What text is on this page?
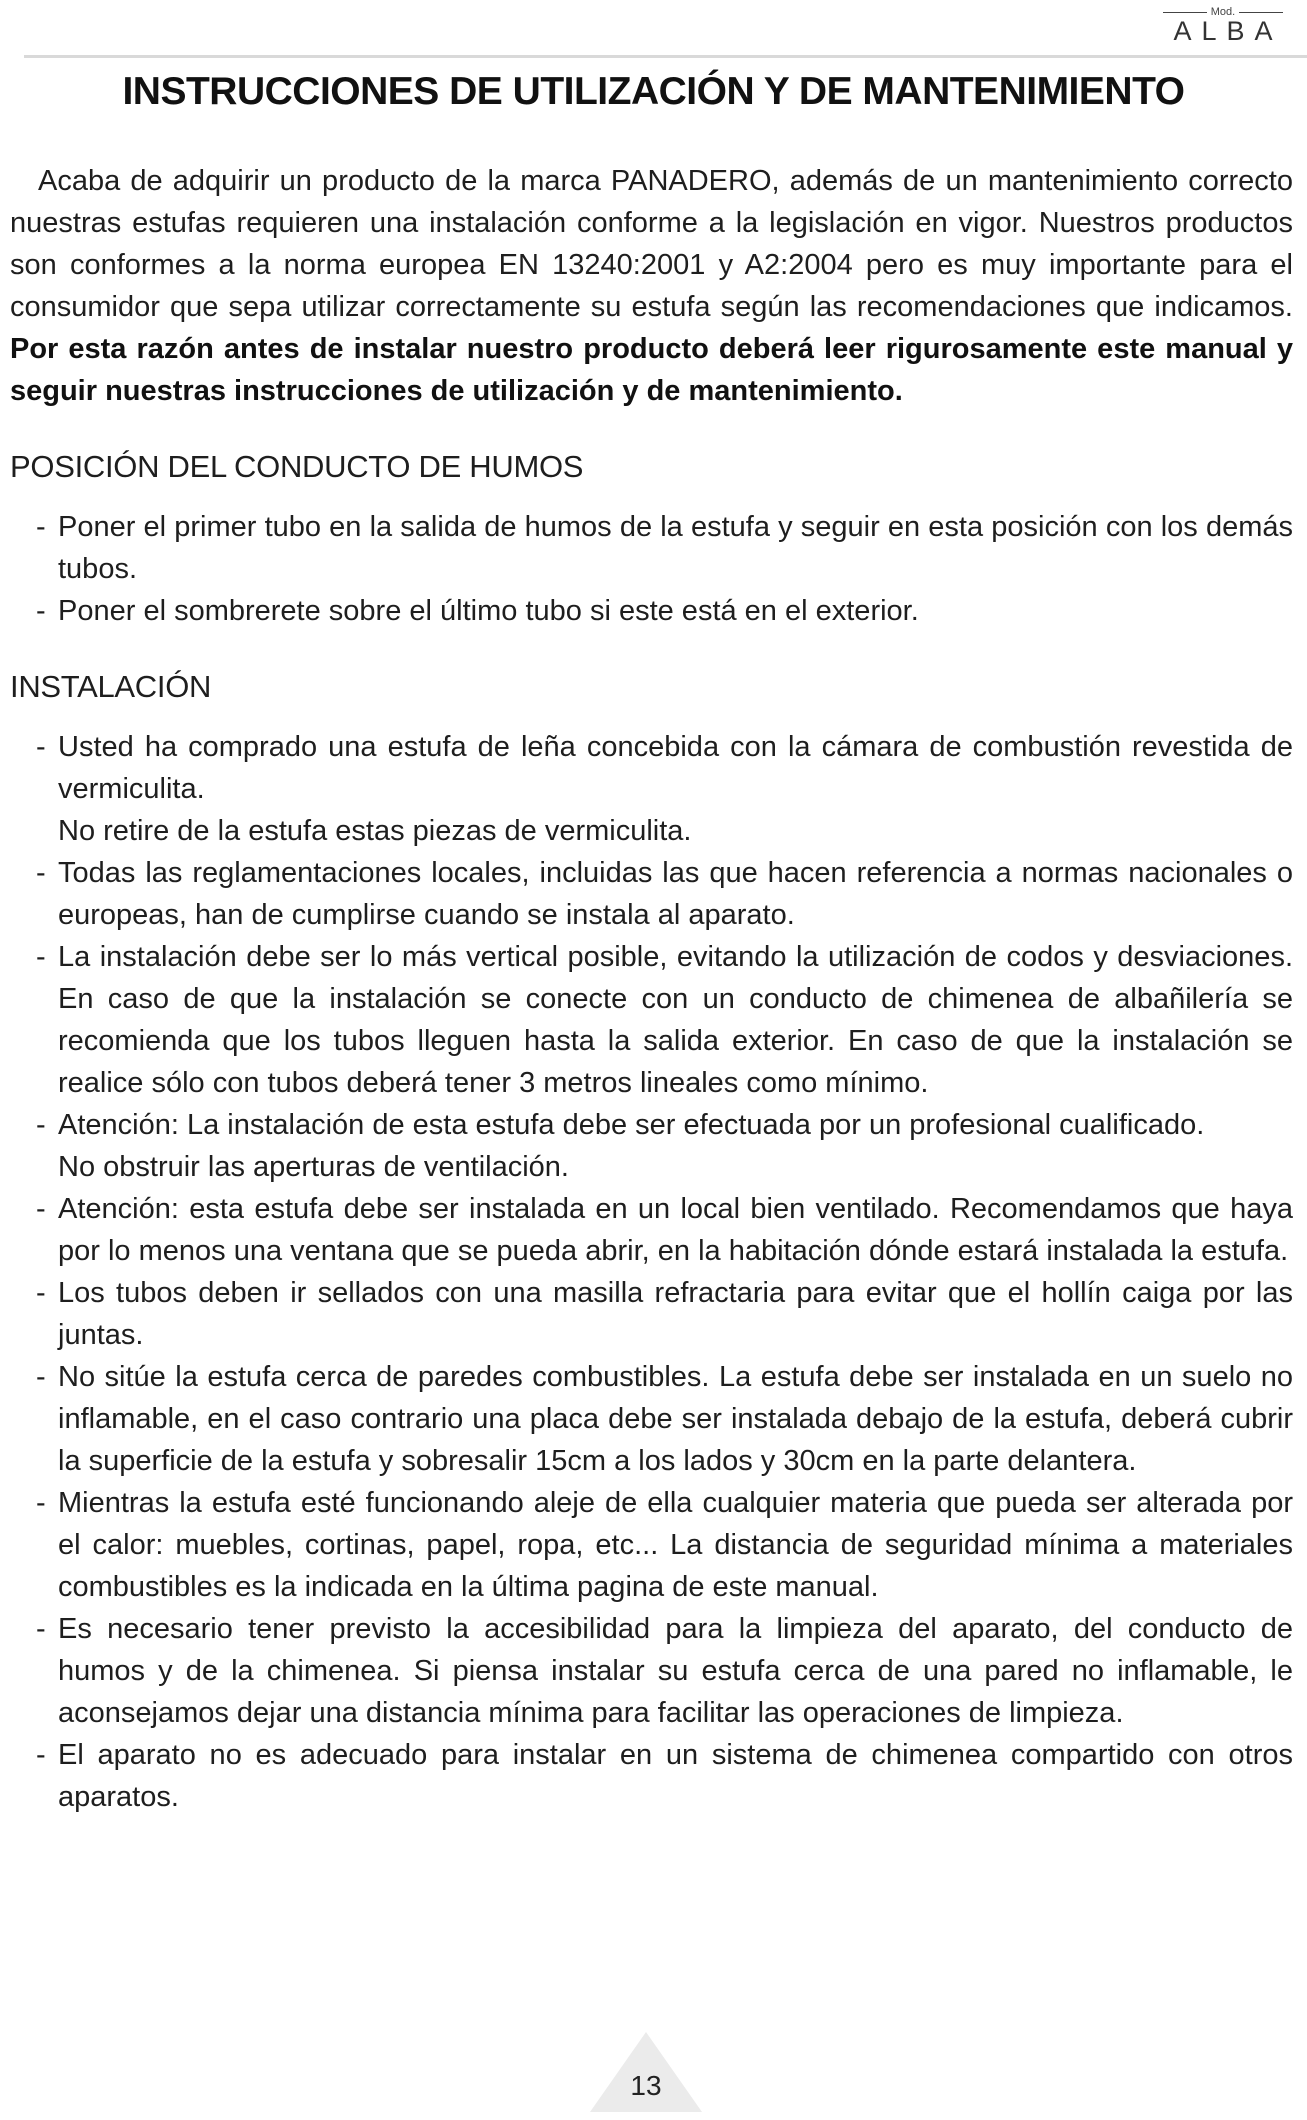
Mod.
ALBA
INSTRUCCIONES DE UTILIZACIÓN Y DE MANTENIMIENTO

Acaba de adquirir un producto de la marca PANADERO, además de un mantenimiento correcto nuestras estufas requieren una instalación conforme a la legislación en vigor. Nuestros productos son conformes a la norma europea EN 13240:2001 y A2:2004 pero es muy importante para el consumidor que sepa utilizar correctamente su estufa según las recomendaciones que indicamos. Por esta razón antes de instalar nuestro producto deberá leer rigurosamente este manual y seguir nuestras instrucciones de utilización y de mantenimiento.

POSICIÓN DEL CONDUCTO DE HUMOS
- Poner el primer tubo en la salida de humos de la estufa y seguir en esta posición con los demás tubos.
- Poner el sombrerete sobre el último tubo si este está en el exterior.
INSTALACIÓN
- Usted ha comprado una estufa de leña concebida con la cámara de combustión revestida de vermiculita.
No retire de la estufa estas piezas de vermiculita.
- Todas las reglamentaciones locales, incluidas las que hacen referencia a normas nacionales o europeas, han de cumplirse cuando se instala al aparato.
- La instalación debe ser lo más vertical posible, evitando la utilización de codos y desviaciones. En caso de que la instalación se conecte con un conducto de chimenea de albañilería se recomienda que los tubos lleguen hasta la salida exterior. En caso de que la instalación se realice sólo con tubos deberá tener 3 metros lineales como mínimo.
- Atención: La instalación de esta estufa debe ser efectuada por un profesional cualificado.
No obstruir las aperturas de ventilación.
- Atención: esta estufa debe ser instalada en un local bien ventilado. Recomendamos que haya por lo menos una ventana que se pueda abrir, en la habitación dónde estará instalada la estufa.
- Los tubos deben ir sellados con una masilla refractaria para evitar que el hollín caiga por las juntas.
- No sitúe la estufa cerca de paredes combustibles. La estufa debe ser instalada en un suelo no inflamable, en el caso contrario una placa debe ser instalada debajo de la estufa, deberá cubrir la superficie de la estufa y sobresalir 15cm a los lados y 30cm en la parte delantera.
- Mientras la estufa esté funcionando aleje de ella cualquier materia que pueda ser alterada por el calor: muebles, cortinas, papel, ropa, etc... La distancia de seguridad mínima a materiales combustibles es la indicada en la última pagina de este manual.
- Es necesario tener previsto la accesibilidad para la limpieza del aparato, del conducto de humos y de la chimenea. Si piensa instalar su estufa cerca de una pared no inflamable, le aconsejamos dejar una distancia mínima para facilitar las operaciones de limpieza.
- El aparato no es adecuado para instalar en un sistema de chimenea compartido con otros aparatos.
13
